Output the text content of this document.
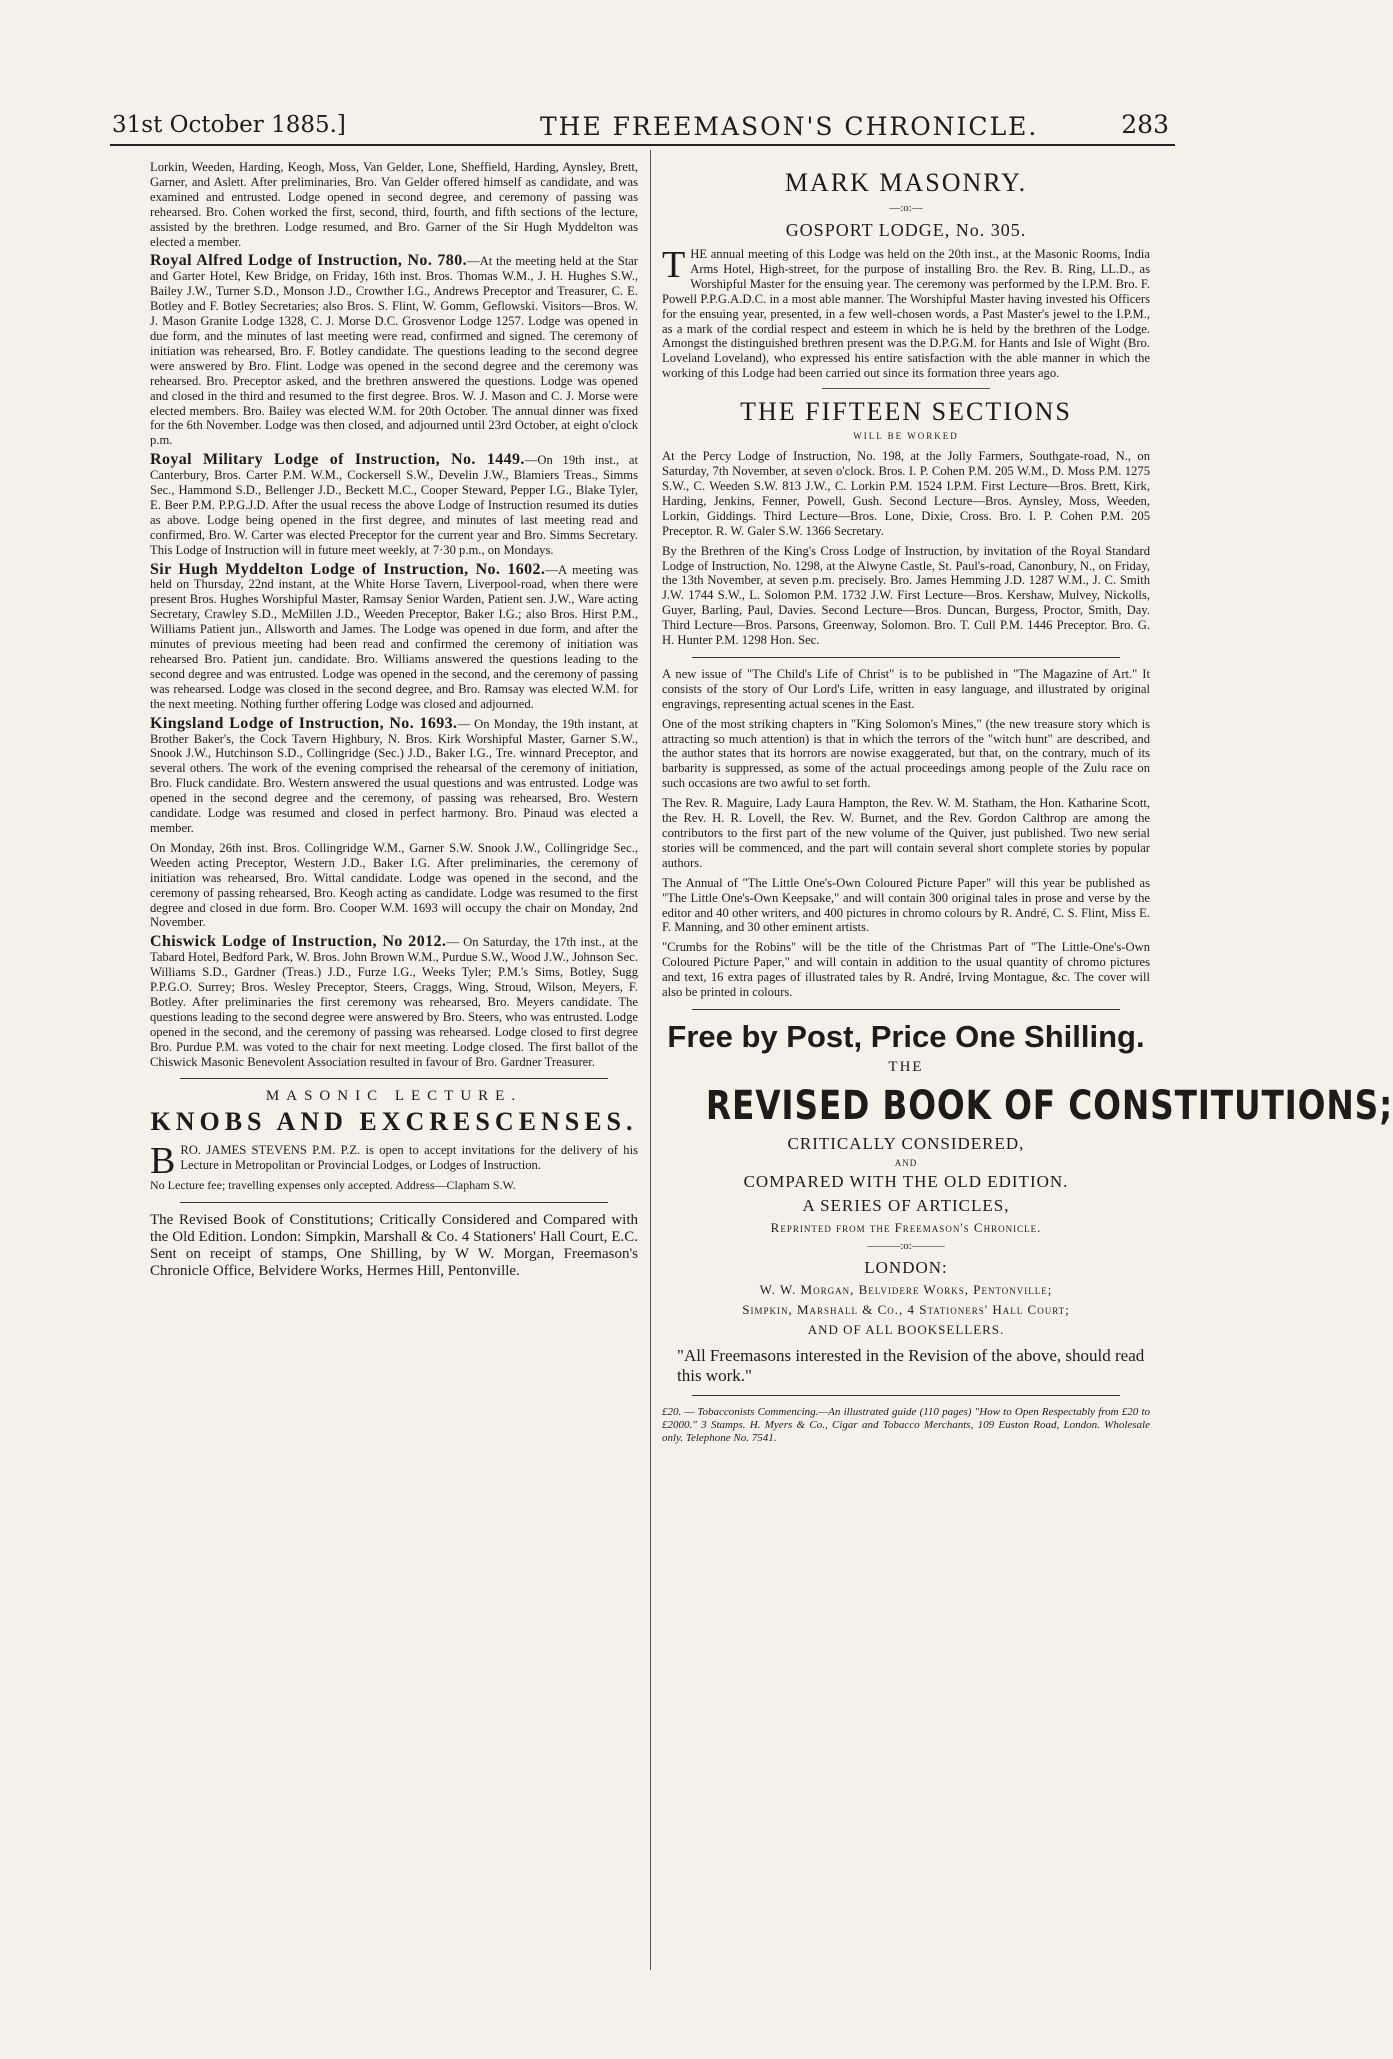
31st October 1885.]	THE FREEMASON'S CHRONICLE.	283

Lorkin, Weeden, Harding, Keogh, Moss, Van Gelder, Lone, Sheffield, Harding, Aynsley, Brett, Garner, and Aslett. After preliminaries, Bro. Van Gelder offered himself as candidate, and was examined and entrusted. Lodge opened in second degree, and ceremony of passing was rehearsed. Bro. Cohen worked the first, second, third, fourth, and fifth sections of the lecture, assisted by the brethren. Lodge resumed, and Bro. Garner of the Sir Hugh Myddelton was elected a member.

Royal Alfred Lodge of Instruction, No. 780.—At the meeting held at the Star and Garter Hotel, Kew Bridge, on Friday, 16th inst. Bros. Thomas W.M., J. H. Hughes S.W., Bailey J.W., Turner S.D., Monson J.D., Crowther I.G., Andrews Preceptor and Treasurer, C. E. Botley and F. Botley Secretaries; also Bros. S. Flint, W. Gomm, Geflowski. Visitors—Bros. W. J. Mason Granite Lodge 1328, C. J. Morse D.C. Grosvenor Lodge 1257. Lodge was opened in due form, and the minutes of last meeting were read, confirmed and signed. The ceremony of initiation was rehearsed, Bro. F. Botley candidate. The questions leading to the second degree were answered by Bro. Flint. Lodge was opened in the second degree and the ceremony was rehearsed. Bro. Preceptor asked, and the brethren answered the questions. Lodge was opened and closed in the third and resumed to the first degree. Bros. W. J. Mason and C. J. Morse were elected members. Bro. Bailey was elected W.M. for 20th October. The annual dinner was fixed for the 6th November. Lodge was then closed, and adjourned until 23rd October, at eight o'clock p.m.

Royal Military Lodge of Instruction, No. 1449.—On 19th inst., at Canterbury, Bros. Carter P.M. W.M., Cockersell S.W., Develin J.W., Blamiers Treas., Simms Sec., Hammond S.D., Bellenger J.D., Beckett M.C., Cooper Steward, Pepper I.G., Blake Tyler, E. Beer P.M. P.P.G.J.D. After the usual recess the above Lodge of Instruction resumed its duties as above. Lodge being opened in the first degree, and minutes of last meeting read and confirmed, Bro. W. Carter was elected Preceptor for the current year and Bro. Simms Secretary. This Lodge of Instruction will in future meet weekly, at 7·30 p.m., on Mondays.

Sir Hugh Myddelton Lodge of Instruction, No. 1602.—A meeting was held on Thursday, 22nd instant, at the White Horse Tavern, Liverpool-road, when there were present Bros. Hughes Worshipful Master, Ramsay Senior Warden, Patient sen. J.W., Ware acting Secretary, Crawley S.D., McMillen J.D., Weeden Preceptor, Baker I.G.; also Bros. Hirst P.M., Williams Patient jun., Allsworth and James. The Lodge was opened in due form, and after the minutes of previous meeting had been read and confirmed the ceremony of initiation was rehearsed Bro. Patient jun. candidate. Bro. Williams answered the questions leading to the second degree and was entrusted. Lodge was opened in the second, and the ceremony of passing was rehearsed. Lodge was closed in the second degree, and Bro. Ramsay was elected W.M. for the next meeting. Nothing further offering Lodge was closed and adjourned.

Kingsland Lodge of Instruction, No. 1693.— On Monday, the 19th instant, at Brother Baker's, the Cock Tavern Highbury, N. Bros. Kirk Worshipful Master, Garner S.W., Snook J.W., Hutchinson S.D., Collingridge (Sec.) J.D., Baker I.G., Tre. winnard Preceptor, and several others. The work of the evening comprised the rehearsal of the ceremony of initiation, Bro. Fluck candidate. Bro. Western answered the usual questions and was entrusted. Lodge was opened in the second degree and the ceremony, of passing was rehearsed, Bro. Western candidate. Lodge was resumed and closed in perfect harmony. Bro. Pinaud was elected a member.

On Monday, 26th inst. Bros. Collingridge W.M., Garner S.W. Snook J.W., Collingridge Sec., Weeden acting Preceptor, Western J.D., Baker I.G. After preliminaries, the ceremony of initiation was rehearsed, Bro. Wittal candidate. Lodge was opened in the second, and the ceremony of passing rehearsed, Bro. Keogh acting as candidate. Lodge was resumed to the first degree and closed in due form. Bro. Cooper W.M. 1693 will occupy the chair on Monday, 2nd November.

Chiswick Lodge of Instruction, No 2012.— On Saturday, the 17th inst., at the Tabard Hotel, Bedford Park, W. Bros. John Brown W.M., Purdue S.W., Wood J.W., Johnson Sec. Williams S.D., Gardner (Treas.) J.D., Furze I.G., Weeks Tyler; P.M.'s Sims, Botley, Sugg P.P.G.O. Surrey; Bros. Wesley Preceptor, Steers, Craggs, Wing, Stroud, Wilson, Meyers, F. Botley. After preliminaries the first ceremony was rehearsed, Bro. Meyers candidate. The questions leading to the second degree were answered by Bro. Steers, who was entrusted. Lodge opened in the second, and the ceremony of passing was rehearsed. Lodge closed to first degree Bro. Purdue P.M. was voted to the chair for next meeting. Lodge closed. The first ballot of the Chiswick Masonic Benevolent Association resulted in favour of Bro. Gardner Treasurer.

MASONIC LECTURE.
KNOBS AND EXCRESCENSES.

BRO. JAMES STEVENS P.M. P.Z. is open to accept invitations for the delivery of his Lecture in Metropolitan or Provincial Lodges, or Lodges of Instruction.

No Lecture fee; travelling expenses only accepted. Address—Clapham S.W.

The Revised Book of Constitutions; Critically Considered and Compared with the Old Edition. London: Simpkin, Marshall & Co. 4 Stationers' Hall Court, E.C. Sent on receipt of stamps, One Shilling, by W W. Morgan, Freemason's Chronicle Office, Belvidere Works, Hermes Hill, Pentonville.

MARK MASONRY.
—:o:—
GOSPORT LODGE, No. 305.

THE annual meeting of this Lodge was held on the 20th inst., at the Masonic Rooms, India Arms Hotel, High-street, for the purpose of installing Bro. the Rev. B. Ring, LL.D., as Worshipful Master for the ensuing year. The ceremony was performed by the I.P.M. Bro. F. Powell P.P.G.A.D.C. in a most able manner. The Worshipful Master having invested his Officers for the ensuing year, presented, in a few well-chosen words, a Past Master's jewel to the I.P.M., as a mark of the cordial respect and esteem in which he is held by the brethren of the Lodge. Amongst the distinguished brethren present was the D.P.G.M. for Hants and Isle of Wight (Bro. Loveland Loveland), who expressed his entire satisfaction with the able manner in which the working of this Lodge had been carried out since its formation three years ago.

THE FIFTEEN SECTIONS
WILL BE WORKED

At the Percy Lodge of Instruction, No. 198, at the Jolly Farmers, Southgate-road, N., on Saturday, 7th November, at seven o'clock. Bros. I. P. Cohen P.M. 205 W.M., D. Moss P.M. 1275 S.W., C. Weeden S.W. 813 J.W., C. Lorkin P.M. 1524 I.P.M. First Lecture—Bros. Brett, Kirk, Harding, Jenkins, Fenner, Powell, Gush. Second Lecture—Bros. Aynsley, Moss, Weeden, Lorkin, Giddings. Third Lecture—Bros. Lone, Dixie, Cross. Bro. I. P. Cohen P.M. 205 Preceptor. R. W. Galer S.W. 1366 Secretary.

By the Brethren of the King's Cross Lodge of Instruction, by invitation of the Royal Standard Lodge of Instruction, No. 1298, at the Alwyne Castle, St. Paul's-road, Canonbury, N., on Friday, the 13th November, at seven p.m. precisely. Bro. James Hemming J.D. 1287 W.M., J. C. Smith J.W. 1744 S.W., L. Solomon P.M. 1732 J.W. First Lecture—Bros. Kershaw, Mulvey, Nickolls, Guyer, Barling, Paul, Davies. Second Lecture—Bros. Duncan, Burgess, Proctor, Smith, Day. Third Lecture—Bros. Parsons, Greenway, Solomon. Bro. T. Cull P.M. 1446 Preceptor. Bro. G. H. Hunter P.M. 1298 Hon. Sec.

A new issue of "The Child's Life of Christ" is to be published in "The Magazine of Art." It consists of the story of Our Lord's Life, written in easy language, and illustrated by original engravings, representing actual scenes in the East.

One of the most striking chapters in "King Solomon's Mines," (the new treasure story which is attracting so much attention) is that in which the terrors of the "witch hunt" are described, and the author states that its horrors are nowise exaggerated, but that, on the contrary, much of its barbarity is suppressed, as some of the actual proceedings among people of the Zulu race on such occasions are two awful to set forth.

The Rev. R. Maguire, Lady Laura Hampton, the Rev. W. M. Statham, the Hon. Katharine Scott, the Rev. H. R. Lovell, the Rev. W. Burnet, and the Rev. Gordon Calthrop are among the contributors to the first part of the new volume of the Quiver, just published. Two new serial stories will be commenced, and the part will contain several short complete stories by popular authors.

The Annual of "The Little One's-Own Coloured Picture Paper" will this year be published as "The Little One's-Own Keepsake," and will contain 300 original tales in prose and verse by the editor and 40 other writers, and 400 pictures in chromo colours by R. André, C. S. Flint, Miss E. F. Manning, and 30 other eminent artists.

"Crumbs for the Robins" will be the title of the Christmas Part of "The Little-One's-Own Coloured Picture Paper," and will contain in addition to the usual quantity of chromo pictures and text, 16 extra pages of illustrated tales by R. André, Irving Montague, &c. The cover will also be printed in colours.

Free by Post, Price One Shilling.
THE
REVISED BOOK OF CONSTITUTIONS;
CRITICALLY CONSIDERED,
AND
COMPARED WITH THE OLD EDITION.
A SERIES OF ARTICLES,
Reprinted from the Freemason's Chronicle.
———:o:———
LONDON:
W. W. Morgan, Belvidere Works, Pentonville;
Simpkin, Marshall & Co., 4 Stationers' Hall Court;
AND OF ALL BOOKSELLERS.
"All Freemasons interested in the Revision of the above, should read this work."

£20. — Tobacconists Commencing.—An illustrated guide (110 pages) "How to Open Respectably from £20 to £2000." 3 Stamps. H. Myers & Co., Cigar and Tobacco Merchants, 109 Euston Road, London. Wholesale only. Telephone No. 7541.
